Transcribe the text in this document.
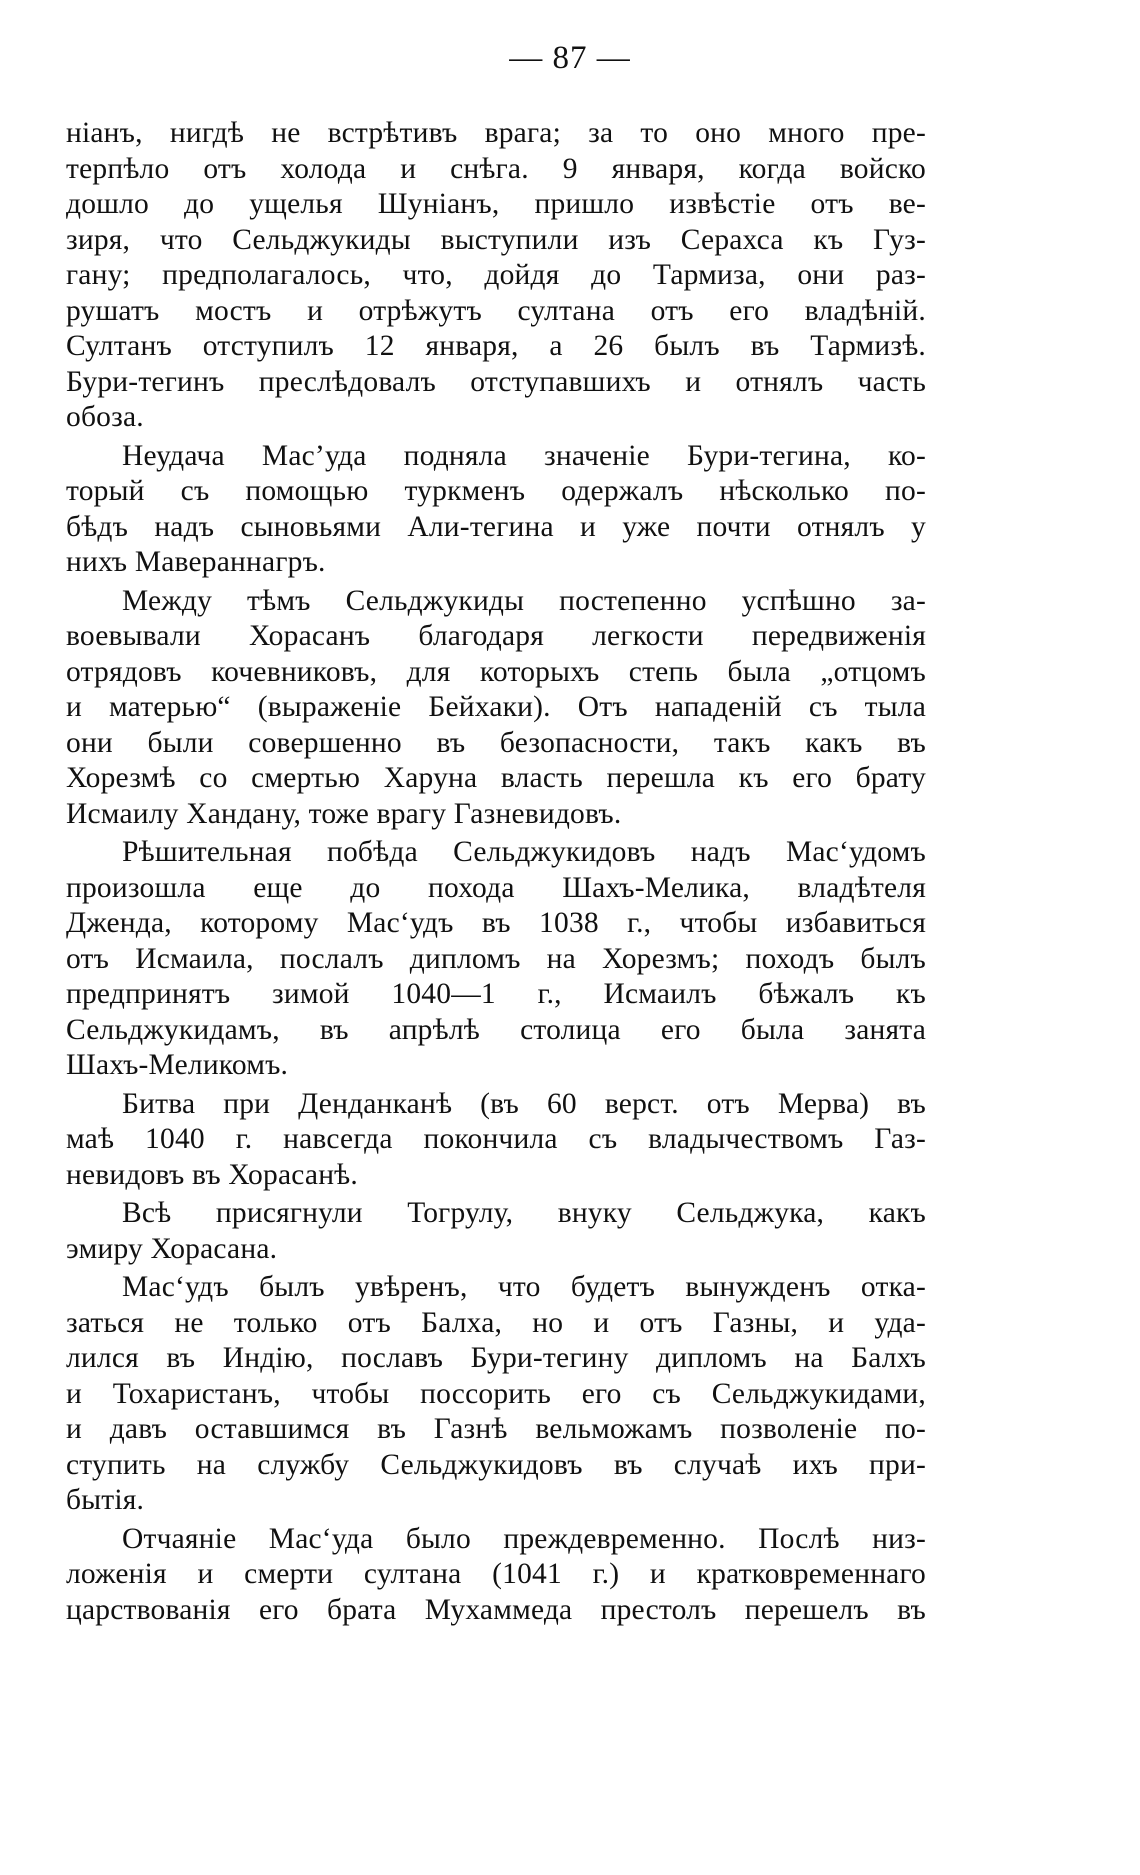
— 87 —
ніанъ, нигдѣ не встрѣтивъ врага; за то оно много пре-
терпѣло отъ холода и снѣга. 9 января, когда войско
дошло до ущелья Шуніанъ, пришло извѣстіе отъ ве-
зиря, что Сельджукиды выступили изъ Серахса къ Гуз-
гану; предполагалось, что, дойдя до Тармиза, они раз-
рушатъ мостъ и отрѣжутъ султана отъ его владѣній.
Султанъ отступилъ 12 января, а 26 былъ въ Тармизѣ.
Бури-тегинъ преслѣдовалъ отступавшихъ и отнялъ часть
обоза.
Неудача Мас’уда подняла значеніе Бури-тегина, ко-
торый съ помощью туркменъ одержалъ нѣсколько по-
бѣдъ надъ сыновьями Али-тегина и уже почти отнялъ у
нихъ Мавераннагръ.
Между тѣмъ Сельджукиды постепенно успѣшно за-
воевывали Хорасанъ благодаря легкости передвиженія
отрядовъ кочевниковъ, для которыхъ степь была „отцомъ
и матерью“ (выраженіе Бейхаки). Отъ нападеній съ тыла
они были совершенно въ безопасности, такъ какъ въ
Хорезмѣ со смертью Харуна власть перешла къ его брату
Исмаилу Хандану, тоже врагу Газневидовъ.
Рѣшительная побѣда Сельджукидовъ надъ Мас‘удомъ
произошла еще до похода Шахъ-Мелика, владѣтеля
Дженда, которому Мас‘удъ въ 1038 г., чтобы избавиться
отъ Исмаила, послалъ дипломъ на Хорезмъ; походъ былъ
предпринятъ зимой 1040—1 г., Исмаилъ бѣжалъ къ
Сельджукидамъ, въ апрѣлѣ столица его была занята
Шахъ-Меликомъ.
Битва при Денданканѣ (въ 60 верст. отъ Мерва) въ
маѣ 1040 г. навсегда покончила съ владычествомъ Газ-
невидовъ въ Хорасанѣ.
Всѣ присягнули Тогрулу, внуку Сельджука, какъ
эмиру Хорасана.
Мас‘удъ былъ увѣренъ, что будетъ вынужденъ отка-
заться не только отъ Балха, но и отъ Газны, и уда-
лился въ Индію, пославъ Бури-тегину дипломъ на Балхъ
и Тохаристанъ, чтобы поссорить его съ Сельджукидами,
и давъ оставшимся въ Газнѣ вельможамъ позволеніе по-
ступить на службу Сельджукидовъ въ случаѣ ихъ при-
бытія.
Отчаяніе Мас‘уда было преждевременно. Послѣ низ-
ложенія и смерти султана (1041 г.) и кратковременнаго
царствованія его брата Мухаммеда престолъ перешелъ въ
